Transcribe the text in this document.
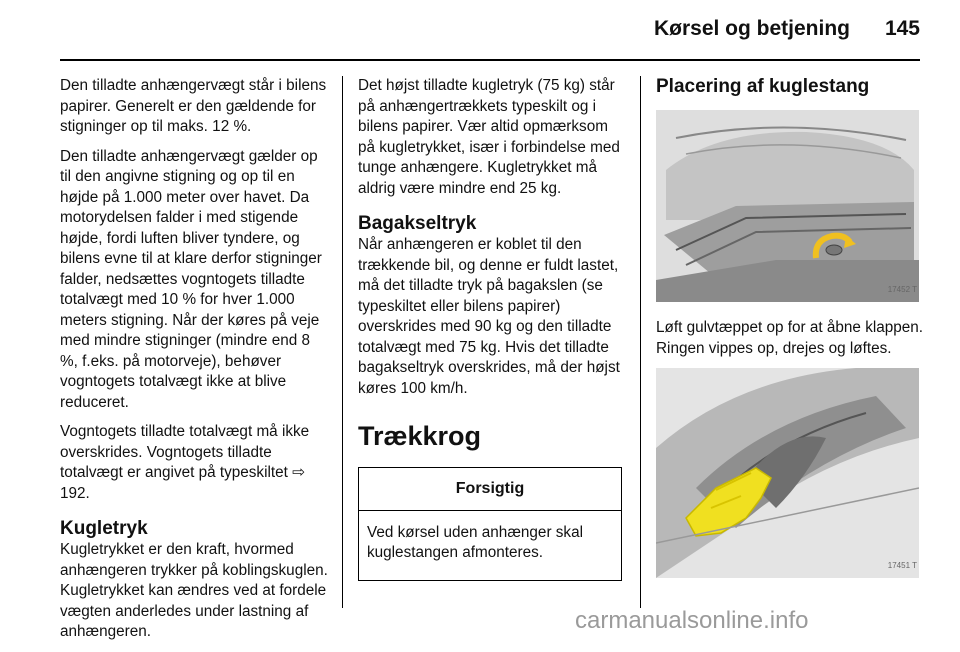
Kørsel og betjening	145

Den tilladte anhængervægt står i bilens papirer. Generelt er den gældende for stigninger op til maks. 12 %.

Den tilladte anhængervægt gælder op til den angivne stigning og op til en højde på 1.000 meter over havet. Da motorydelsen falder i med stigende højde, fordi luften bliver tyndere, og bilens evne til at klare derfor stigninger falder, nedsættes vogntogets tilladte totalvægt med 10 % for hver 1.000 meters stigning. Når der køres på veje med mindre stigninger (mindre end 8 %, f.eks. på motorveje), behøver vogntogets totalvægt ikke at blive reduceret.

Vogntogets tilladte totalvægt må ikke overskrides. Vogntogets tilladte totalvægt er angivet på typeskiltet ⇨ 192.

Kugletryk

Kugletrykket er den kraft, hvormed anhængeren trykker på koblingskuglen. Kugletrykket kan ændres ved at fordele vægten anderledes under lastning af anhængeren.

Det højst tilladte kugletryk (75 kg) står på anhængertrækkets typeskilt og i bilens papirer. Vær altid opmærksom på kugletrykket, især i forbindelse med tunge anhængere. Kugletrykket må aldrig være mindre end 25 kg.

Bagakseltryk

Når anhængeren er koblet til den trækkende bil, og denne er fuldt lastet, må det tilladte tryk på bagakslen (se typeskiltet eller bilens papirer) overskrides med 90 kg og den tilladte totalvægt med 75 kg. Hvis det tilladte bagakseltryk overskrides, må der højst køres 100 km/h.

Trækkrog
Forsigtig
Ved kørsel uden anhænger skal kuglestangen afmonteres.
Placering af kuglestang
17452 T

Løft gulvtæppet op for at åbne klappen. Ringen vippes op, drejes og løftes.

17451 T
carmanualsonline.info
